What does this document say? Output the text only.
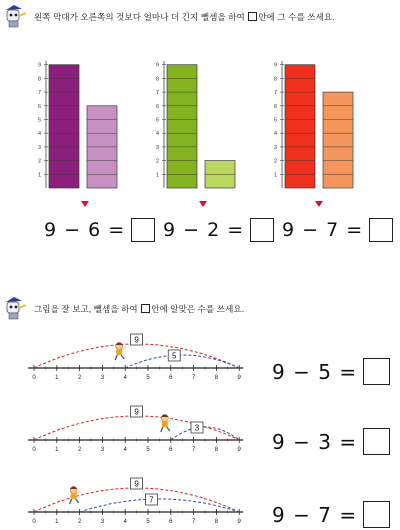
왼쪽 막대가 오른쪽의 것보다 얼마나 더 긴지 뺄셈을 하여 안에 그 수를 쓰세요.
1
2
3
4
5
6
7
8
9
1
2
3
4
5
6
7
8
9
1
2
3
4
5
6
7
8
9
9
−
6
= 9
−
2
= 9
−
7
=
그림을 잘 보고, 뺄셈을 하여 안에 알맞은 수를 쓰세요.
0	1	2	3	4	5	6	7	8	9
9
5
0	1	2	3	4	5	6	7	8	9
9
3
0	1	2	3	4	5	6	7	8	9
9
7
9
−
5
=
9
−
3
=
9
−
7
=
